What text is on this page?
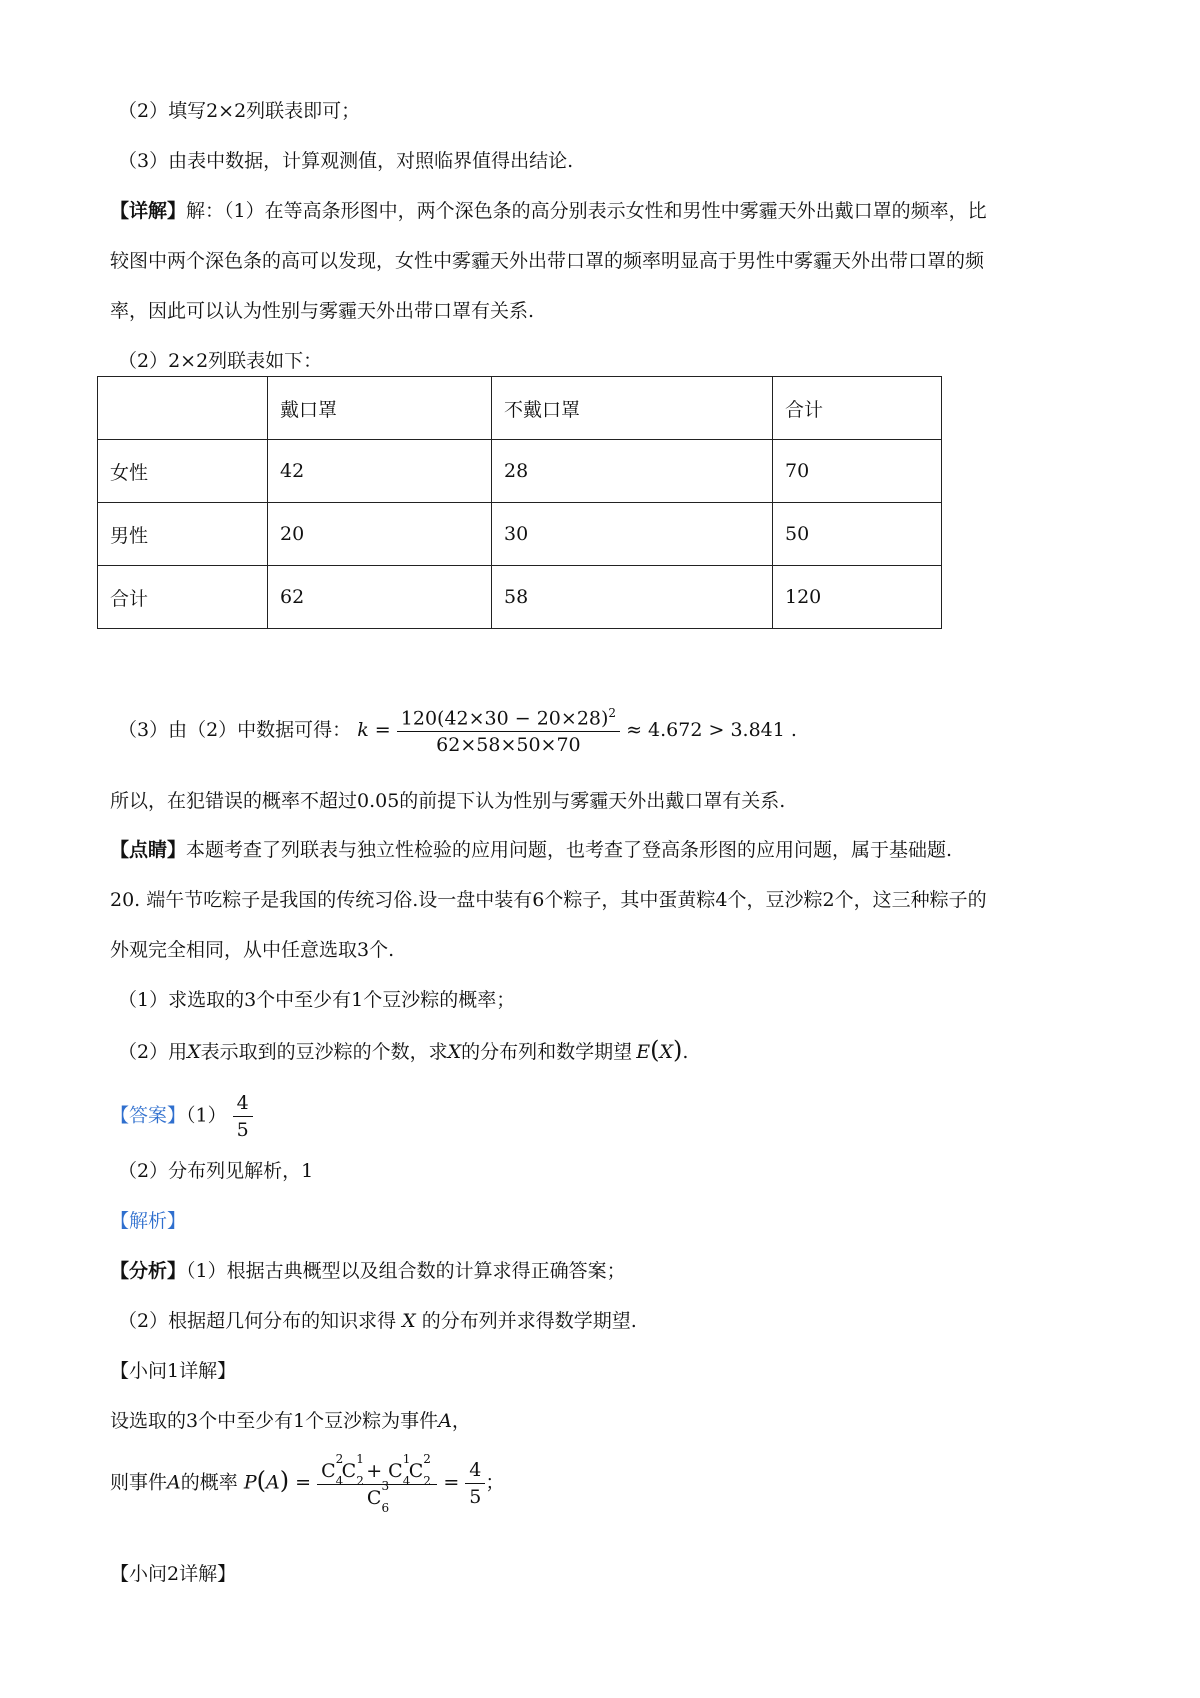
（2）填写2×2列联表即可；
（3）由表中数据，计算观测值，对照临界值得出结论.
【详解】解：（1）在等高条形图中，两个深色条的高分别表示女性和男性中雾霾天外出戴口罩的频率，比
较图中两个深色条的高可以发现，女性中雾霾天外出带口罩的频率明显高于男性中雾霾天外出带口罩的频
率，因此可以认为性别与雾霾天外出带口罩有关系.
（2）2×2列联表如下：
	戴口罩	不戴口罩	合计
女性	42	28	70
男性	20	30	50
合计	62	58	120
（3）由（2）中数据可得： $k = \frac{120(42\times 30 - 20\times 28)^2}{62\times 58\times 50\times 70} \approx 4.672 > 3.841$ .
所以，在犯错误的概率不超过0.05的前提下认为性别与雾霾天外出戴口罩有关系.
【点睛】本题考查了列联表与独立性检验的应用问题，也考查了登高条形图的应用问题，属于基础题.
20. 端午节吃粽子是我国的传统习俗.设一盘中装有6个粽子，其中蛋黄粽4个，豆沙粽2个，这三种粽子的
外观完全相同，从中任意选取3个.
（1）求选取的3个中至少有1个豆沙粽的概率；
（2）用X表示取到的豆沙粽的个数，求X的分布列和数学期望 E(X).
【答案】$(1) \frac{4}{5}$
（2）分布列见解析，1
【解析】
【分析】（1）根据古典概型以及组合数的计算求得正确答案；
（2）根据超几何分布的知识求得 X 的分布列并求得数学期望.
【小问1详解】
设选取的3个中至少有1个豆沙粽为事件A，
则事件A的概率 P(A) = C
2
4
C
1
2 + C
1
4
C
2
2
C
3
$6 = \frac{4}{5}$ ；
【小问2详解】
